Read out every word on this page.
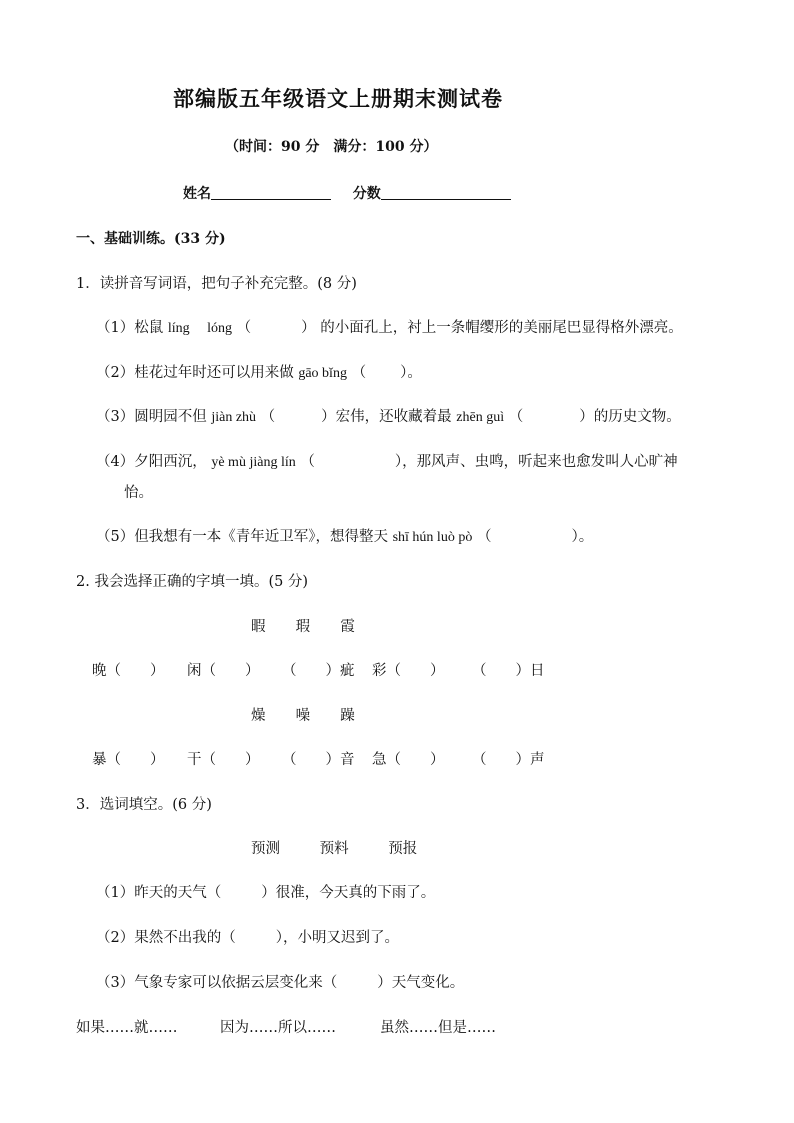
部编版五年级语文上册期末测试卷
（时间：90 分　满分：100 分）
姓名	分数
一、基础训练。(33 分)
1．读拼音写词语，把句子补充完整。(8 分)
（1）松鼠 líng　 lóng （	） 的小面孔上，衬上一条帽缨形的美丽尾巴显得格外漂亮。
（2）桂花过年时还可以用来做 gāo bǐng （ ）。
（3）圆明园不但 jiàn zhù （	）宏伟，还收藏着最 zhēn guì （	）的历史文物。
（4）夕阳西沉， yè mù jiàng lín （	），那风声、虫鸣，听起来也愈发叫人心旷神
怡。
（5）但我想有一本《青年近卫军》，想得整天 shī hún luò pò （	）。
2. 我会选择正确的字填一填。(5 分)
暇 瑕 霞
晚（　　） 闲（　　） （　　）疵 彩（　　） （　　）日
燥 噪 躁
暴（　　） 干（　　） （　　）音 急（　　） （　　）声
3．选词填空。(6 分)
预测	预料	预报
（1）昨天的天气（	）很准，今天真的下雨了。
（2）果然不出我的（	），小明又迟到了。
（3）气象专家可以依据云层变化来（	）天气变化。
如果……就……	因为……所以……	虽然……但是……
